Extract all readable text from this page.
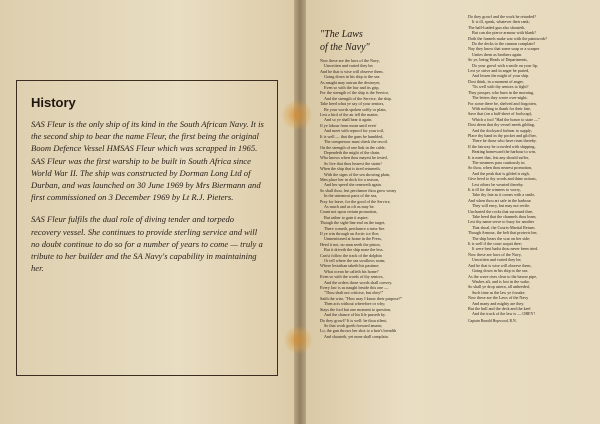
History

SAS Fleur is the only ship of its kind in the South African Navy. It is the second ship to bear the name Fleur, the first being the original Boom Defence Vessel HMSAS Fleur which was scrapped in 1965. SAS Fleur was the first warship to be built in South Africa since World War II. The ship was constructed by Dorman Long Ltd of Durban, and was launched on 30 June 1969 by Mrs Biermann and first commissioned on 3 December 1969 by Lt R.J. Pieters.

SAS Fleur fulfils the dual role of diving tender and torpedo recovery vessel. She continues to provide sterling service and will no doubt continue to do so for a number of years to come — truly a tribute to her builder and the SA Navy's capability in maintaining her.

"The Laws
of the Navy"
Now these are the laws of the Navy,
Unwritten and varied they be;
And he that is wise will observe them,
Going down in his ship to the sea.
As naught may outrun the destroyer,
Even so with the law and its grip,
For the strength of the ship is the Service,
And the strength of the Service, the ship.
Take heed what ye say of your seniors,
Be your words spoken softly or plain,
Lest a bird of the air tell the matter,
And so ye shall hear it again.
If ye labour from morn until even'
And meet with reproof for your toil,
It is well — that the guns be humbled,
The compressor must check the recoil.
On the strength of one link in the cable,
Dependeth the might of the chain.
Who knows when thou mayest be tested,
So live that thou bearest the strain!
When the ship that is tired returneth,
With the signs of the sea showing plain,
Men place her in dock for a season,
And her speed she reneweth again.
So shall thou, lest perchance thou grow weary
In the uttermost parts of the sea,
Pray for leave, for the good of the Service,
As much and as oft as may be.
Count not upon certain promotion,
But rather to gain it aspire;
Though the sight-line end on the target,
There cometh, perchance a miss-fire.
If ye win through an Arctic ice floe,
Unmentioned at home in the Press,
Heed it not, no man seeth the piston,
But it driveth the ship none the less.
Can'st follow the track of the dolphin
Or tell where the sea swallows roam;
Where leviathan taketh his pastime;
What ocean he calleth his home?
Even so with the words of thy seniors,
And the orders those words shall convey.
Every law is as naught beside this one —
"Thou shalt not criticise, but obey!"
Saith the wise, "How may I know their purpose?"
Then acts without wherefore or why;
Stays the fool but one moment to question,
And the chance of his life passeth by.
Do they growl? It is well: be thou silent,
So that work goeth forward amain;
Lo, the gun throws her shot to a hair's breadth
And shouteth, yet none shall complain.
Do they growl and the work be retarded?
It is ill, speak, whatever their rank;
The half-loaded gun also shouteth,
But can she pierce armour with blank?
Doth the funnels make war with the paintwork?
Do the decks to the cannon complain?
Nay they know that some soap or a scraper
Unites them as brothers again.
So ye, being Heads of Departments,
Do your growl with a smile on your lip,
Lest ye strive and in anger be parted,
And lessen the might of your ship.
Dost think, in a moment of anger,
'Tis well with thy seniors to fight?
They prosper, who burn in the morning,
The letters they wrote over-night;
For some there be, shelved and forgotten,
With nothing to thank for their fate,
Save that (on a half-sheet of foolscap),
Which a fool "Had the honor to state —"
Dost deem that thy vessel needs gilding,
And the dockyard forbear to supply;
Place thy hand in thy pocket and gild her,
There be those who have risen thereby.
If the fairway be crowded with shipping,
Beating homeward the harbour to win,
It is meet that, lest any should suffer,
The steamers pass cautiously in.
So thou, when thou nearest promotion,
And the peak that is gilded is nigh,
Give heed to thy words and thine actions,
Lest others be wearied thereby.
It is ill for the winners to worry,
Take thy fate as it comes with a smile,
And when thou art safe in the harbour
They will envy, but may not revile.
Uncharted the rocks that surround thee,
Take heed that the channels thou learn,
Lest thy name serve to buoy for another
That shoal, the Courts-Martial Return.
Though Armour, the belt that protects her,
The ship bears the scar on her side;
It is well if the court acquit thee;
It were best hadst thou never been tried.
Now these are laws of the Navy,
Unwritten and varied they be;
And he that is wise will observe them,
Going down in his ship to the sea.
As the wave rises clear to the hawse pipe,
Washes aft, and is lost in the wake,
So shall ye drop astern, all unheeded,
Such time as the law ye forsake.
Now these are the Laws of the Navy
And many and mighty are they.
But the hull and the deck and the keel
And the truck of the law is — OBEY!
Captain Ronald Hopwood, R.N.
